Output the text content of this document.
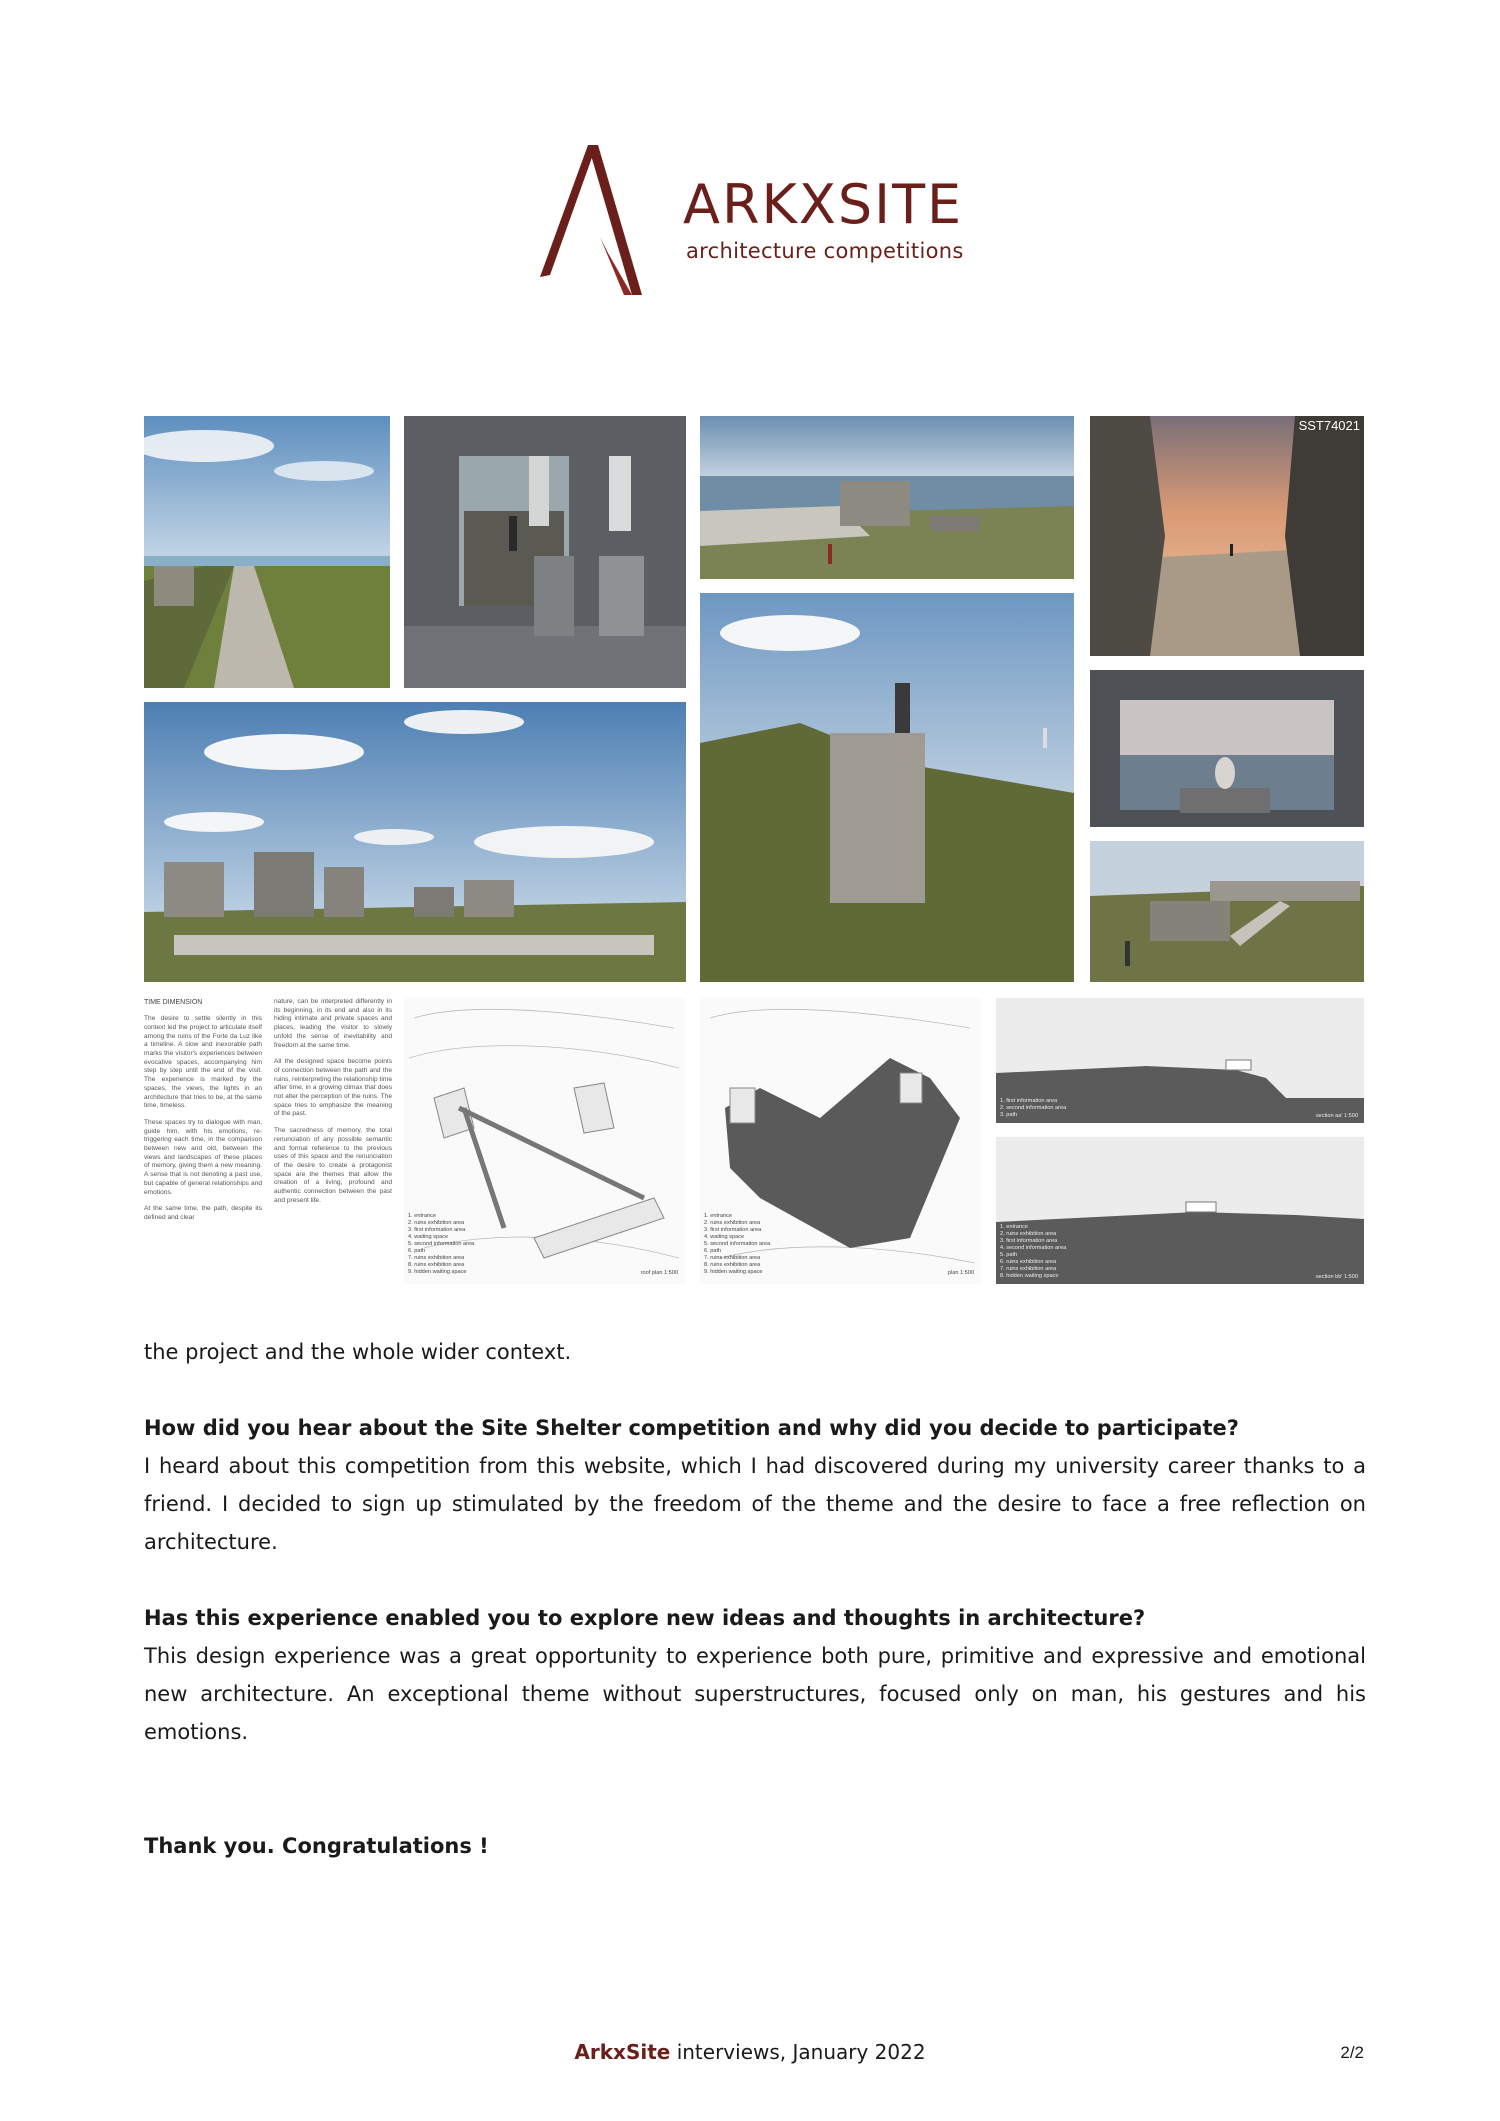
ARKXSITE
architecture competitions
SST74021
TIME DIMENSION

The desire to settle silently in this context led the project to articulate itself among the ruins of the Forte da Luz like a timeline. A slow and inexorable path marks the visitor's experiences between evocative spaces, accompanying him step by step until the end of the visit. The experience is marked by the spaces, the views, the lights in an architecture that tries to be, at the same time, timeless.

These spaces try to dialogue with man, guide him, with his emotions, re-triggering each time, in the comparison between new and old, between the views and landscapes of these places of memory, giving them a new meaning. A sense that is not denoting a past use, but capable of general relationships and emotions.

At the same time, the path, despite its defined and clear

nature, can be interpreted differently in its beginning, in its end and also in its hiding intimate and private spaces and places, leading the visitor to slowly unfold the sense of inevitability and freedom at the same time.

All the designed space become points of connection between the path and the ruins, reinterpreting the relationship time after time, in a growing climax that does not alter the perception of the ruins. The space tries to emphasize the meaning of the past.

The sacredness of memory, the total renunciation of any possible semantic and formal reference to the previous uses of this space and the renunciation of the desire to create a protagonist space are the themes that allow the creation of a living, profound and authentic connection between the past and present life.

1. entrance
2. ruins exhibition area
3. first information area
4. waiting space
5. second information area
6. path
7. ruins exhibition area
8. ruins exhibition area
9. hidden waiting space	roof plan 1:500
1. entrance
2. ruins exhibition area
3. first information area
4. waiting space
5. second information area
6. path
7. ruins exhibition area
8. ruins exhibition area
9. hidden waiting space	plan 1:500
1. first information area
2. second information area
3. path	section aa' 1:500
1. entrance
2. ruins exhibition area
3. first information area
4. second information area
5. path
6. ruins exhibition area
7. ruins exhibition area
8. hidden waiting space	section bb' 1:500

the project and the whole wider context.

How did you hear about the Site Shelter competition and why did you decide to participate?

I heard about this competition from this website, which I had discovered during my university career thanks to a friend. I decided to sign up stimulated by the freedom of the theme and the desire to face a free reflection on architecture.

Has this experience enabled you to explore new ideas and thoughts in architecture?

This design experience was a great opportunity to experience both pure, primitive and expressive and emotional new architecture. An exceptional theme without superstructures, focused only on man, his gestures and his emotions.

Thank you. Congratulations !

ArkxSite interviews, January 2022	2/2
